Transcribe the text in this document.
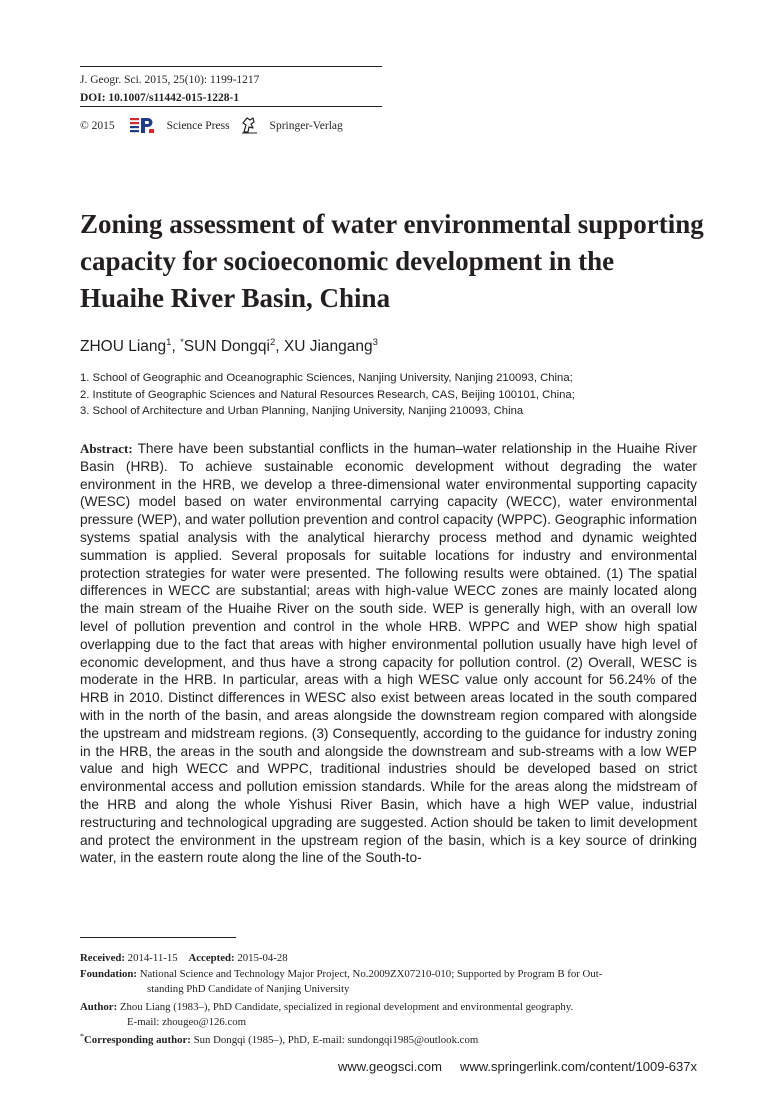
J. Geogr. Sci. 2015, 25(10): 1199-1217
DOI: 10.1007/s11442-015-1228-1
© 2015	Science Press	Springer-Verlag
Zoning assessment of water environmental supporting
capacity for socioeconomic development in the
Huaihe River Basin, China
ZHOU Liang$^1$, *SUN Dongqi$^2$, XU Jiangang$^3$
1. School of Geographic and Oceanographic Sciences, Nanjing University, Nanjing 210093, China;
2. Institute of Geographic Sciences and Natural Resources Research, CAS, Beijing 100101, China;
3. School of Architecture and Urban Planning, Nanjing University, Nanjing 210093, China

Abstract: There have been substantial conflicts in the human–water relationship in the Huaihe River Basin (HRB). To achieve sustainable economic development without degrading the water environment in the HRB, we develop a three-dimensional water environmental supporting capacity (WESC) model based on water environmental carrying capacity (WECC), water environmental pressure (WEP), and water pollution prevention and control capacity (WPPC). Geographic information systems spatial analysis with the analytical hierarchy process method and dynamic weighted summation is applied. Several proposals for suitable locations for industry and environmental protection strategies for water were presented. The following results were obtained. (1) The spatial differences in WECC are substantial; areas with high-value WECC zones are mainly located along the main stream of the Huaihe River on the south side. WEP is generally high, with an overall low level of pollution prevention and control in the whole HRB. WPPC and WEP show high spatial overlapping due to the fact that areas with higher environmental pollution usually have high level of economic development, and thus have a strong capacity for pollution control. (2) Overall, WESC is moderate in the HRB. In particular, areas with a high WESC value only account for 56.24% of the HRB in 2010. Distinct differences in WESC also exist between areas located in the south compared with in the north of the basin, and areas alongside the downstream region compared with alongside the upstream and midstream regions. (3) Consequently, according to the guidance for industry zoning in the HRB, the areas in the south and alongside the downstream and sub-streams with a low WEP value and high WECC and WPPC, traditional industries should be developed based on strict environmental access and pollution emission standards. While for the areas along the midstream of the HRB and along the whole Yishusi River Basin, which have a high WEP value, industrial restructuring and technological upgrading are suggested. Action should be taken to limit development and protect the environment in the upstream region of the basin, which is a key source of drinking water, in the eastern route along the line of the South-to-

Received: 2014-11-15 Accepted: 2015-04-28
Foundation: National Science and Technology Major Project, No.2009ZX07210-010; Supported by Program B for Out-
standing PhD Candidate of Nanjing University
Author: Zhou Liang (1983–), PhD Candidate, specialized in regional development and environmental geography.
E-mail: zhougeo@126.com
*Corresponding author: Sun Dongqi (1985–), PhD, E-mail: sundongqi1985@outlook.com
www.geogsci.com www.springerlink.com/content/1009-637x
